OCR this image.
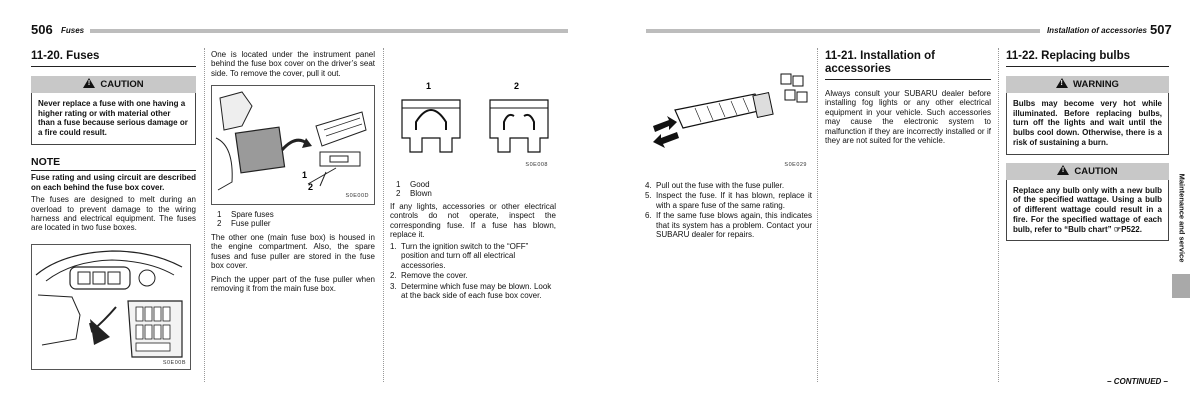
506 Fuses	Installation of accessories 507
11-20. Fuses
!CAUTION
Never replace a fuse with one having a higher rating or with material other than a fuse because serious damage or a fire could result.
NOTE
Fuse rating and using circuit are described on each behind the fuse box cover.
The fuses are designed to melt during an overload to prevent damage to the wiring harness and electrical equipment. The fuses are located in two fuse boxes.
S0E00B
One is located under the instrument panel behind the fuse box cover on the driver’s seat side. To remove the cover, pull it out.
1
2
S0E00D
1	Spare fuses
2	Fuse puller
The other one (main fuse box) is housed in the engine compartment. Also, the spare fuses and fuse puller are stored in the fuse box cover.
Pinch the upper part of the fuse puller when removing it from the main fuse box.
1	2
S0E008
1	Good
2	Blown
If any lights, accessories or other electrical controls do not operate, inspect the corresponding fuse. If a fuse has blown, replace it.
1. Turn the ignition switch to the “OFF” position and turn off all electrical accessories.
2. Remove the cover.
3. Determine which fuse may be blown. Look at the back side of each fuse box cover.
S0E029
4. Pull out the fuse with the fuse puller.
5. Inspect the fuse. If it has blown, replace it with a spare fuse of the same rating.
6. If the same fuse blows again, this indicates that its system has a problem. Contact your SUBARU dealer for repairs.
11-21. Installation of accessories
Always consult your SUBARU dealer before installing fog lights or any other electrical equipment in your vehicle. Such accessories may cause the electronic system to malfunction if they are incorrectly installed or if they are not suited for the vehicle.
11-22. Replacing bulbs
!WARNING
Bulbs may become very hot while illuminated. Before replacing bulbs, turn off the lights and wait until the bulbs cool down. Otherwise, there is a risk of sustaining a burn.
!CAUTION
Replace any bulb only with a new bulb of the specified wattage. Using a bulb of different wattage could result in a fire. For the specified wattage of each bulb, refer to “Bulb chart” ☞P522.	Maintenance and service
– CONTINUED –
